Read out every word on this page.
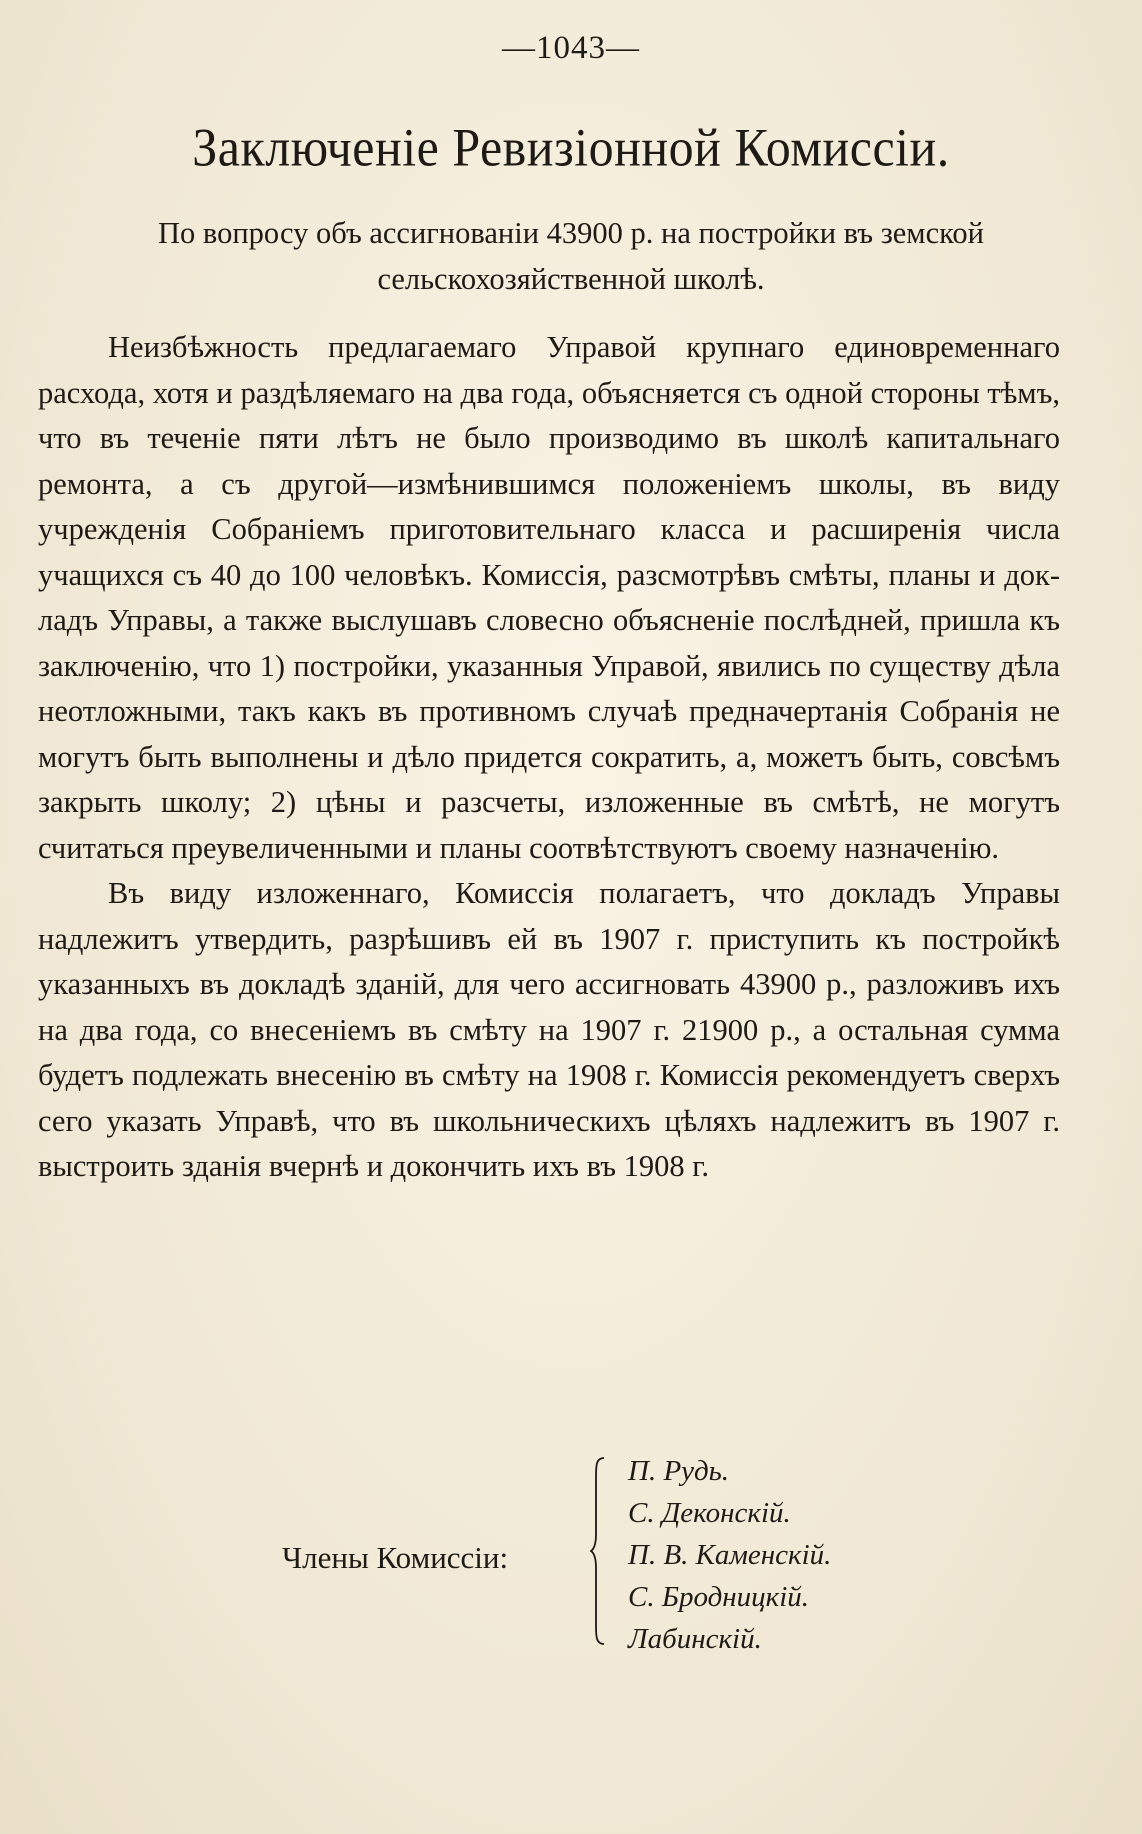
—1043—
Заключеніе Ревизіонной Комиссіи.
По вопросу объ ассигнованіи 43900 р. на постройки въ земской сельскохозяйственной школѣ.

Неизбѣжность предлагаемаго Управой крупнаго единовременнаго расхода, хотя и раздѣляемаго на два года, объясняется съ одной стороны тѣмъ, что въ теченіе пяти лѣтъ не было производимо въ школѣ капитальнаго ремонта, а съ другой—измѣнившимся положеніемъ школы, въ виду учрежденія Собраніемъ приготовительнаго класса и расширенія числа учащихся съ 40 до 100 человѣкъ. Комиссія, разсмотрѣвъ смѣты, планы и докладъ Управы, а также выслушавъ словесно объясненіе послѣдней, пришла къ заключенію, что 1) постройки, указанныя Управой, явились по существу дѣла неотложными, такъ какъ въ противномъ случаѣ предначертанія Собранія не могутъ быть выполнены и дѣло придется сократить, а, можетъ быть, совсѣмъ закрыть школу; 2) цѣны и разсчеты, изложенные въ смѣтѣ, не могутъ считаться преувеличенными и планы соотвѣтствуютъ своему назначенію.

Въ виду изложеннаго, Комиссія полагаетъ, что докладъ Управы надлежитъ утвердить, разрѣшивъ ей въ 1907 г. приступить къ постройкѣ указанныхъ въ докладѣ зданій, для чего ассигновать 43900 р., разложивъ ихъ на два года, со внесеніемъ въ смѣту на 1907 г. 21900 р., а остальная сумма будетъ подлежать внесенію въ смѣту на 1908 г. Комиссія рекомендуетъ сверхъ сего указать Управѣ, что въ школьническихъ цѣляхъ надлежитъ въ 1907 г. выстроить зданія вчернѣ и докончить ихъ въ 1908 г.

Члены Комиссіи:
П. Рудь.
С. Деконскій.
П. В. Каменскій.
С. Бродницкій.
Лабинскій.
